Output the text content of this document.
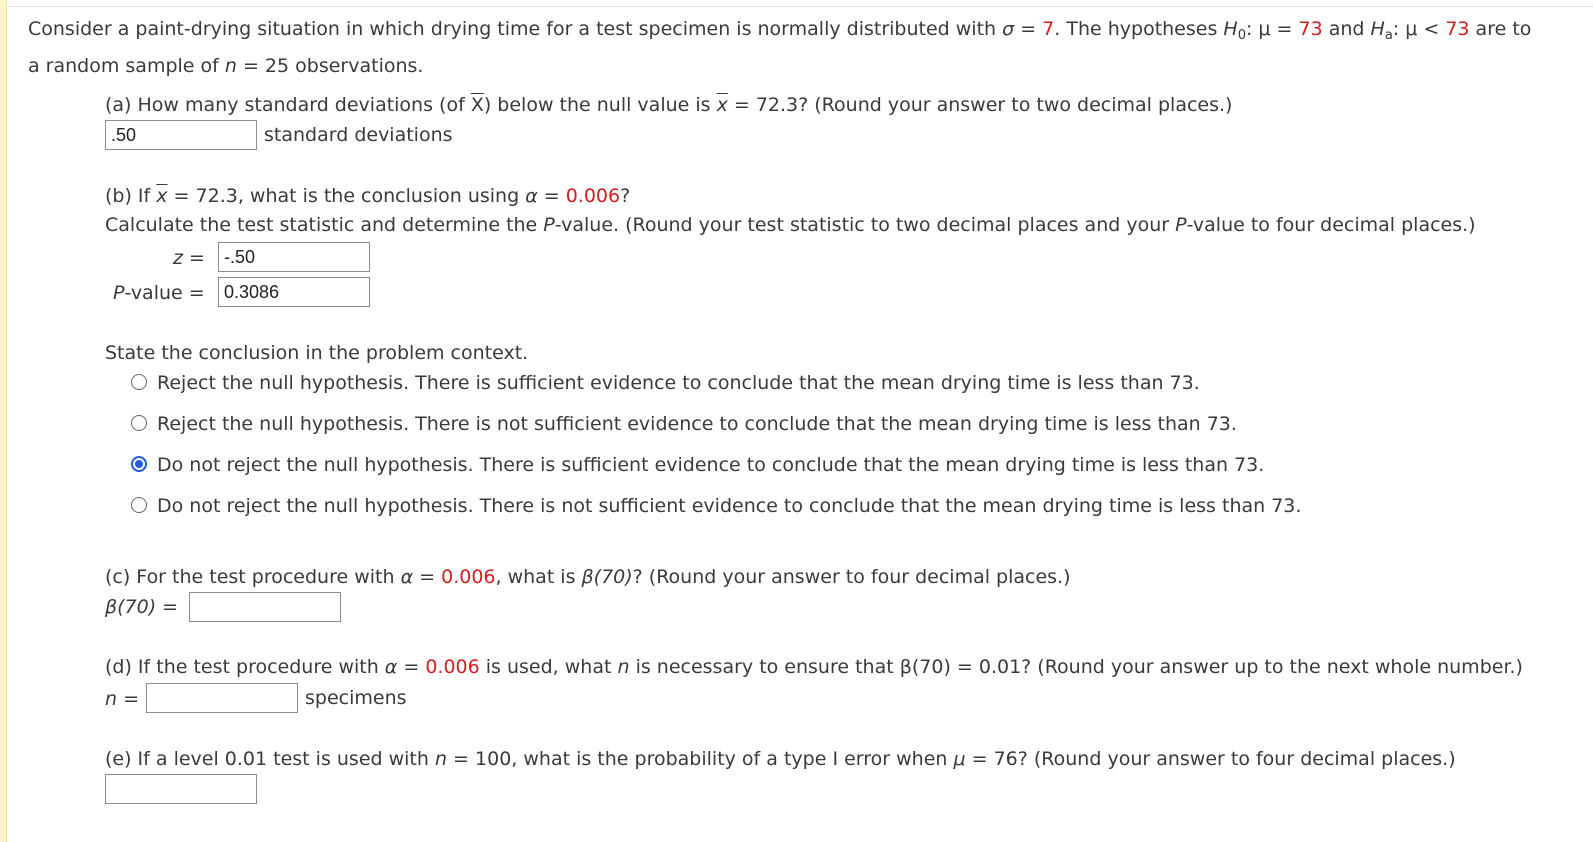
Consider a paint-drying situation in which drying time for a test specimen is normally distributed with σ = 7. The hypotheses $H_0$: μ = 73 and $H_a$: μ < 73 are to
a random sample of n = 25 observations.
(a) How many standard deviations (of $\overline{X}$) below the null value is $\overline{x} = 72.3$? (Round your answer to two decimal places.)
.50	standard deviations
(b) If $\overline{x} = 72.3$, what is the conclusion using α = 0.006?
Calculate the test statistic and determine the P-value. (Round your test statistic to two decimal places and your P-value to four decimal places.)
z =	-.50
P-value =	0.3086
State the conclusion in the problem context.
Reject the null hypothesis. There is sufficient evidence to conclude that the mean drying time is less than 73.
Reject the null hypothesis. There is not sufficient evidence to conclude that the mean drying time is less than 73.
Do not reject the null hypothesis. There is sufficient evidence to conclude that the mean drying time is less than 73.
Do not reject the null hypothesis. There is not sufficient evidence to conclude that the mean drying time is less than 73.
(c) For the test procedure with α = 0.006, what is β(70)? (Round your answer to four decimal places.)
β(70) =
(d) If the test procedure with α = 0.006 is used, what n is necessary to ensure that β(70) = 0.01? (Round your answer up to the next whole number.)
n =	specimens
(e) If a level 0.01 test is used with n = 100, what is the probability of a type I error when μ = 76? (Round your answer to four decimal places.)
